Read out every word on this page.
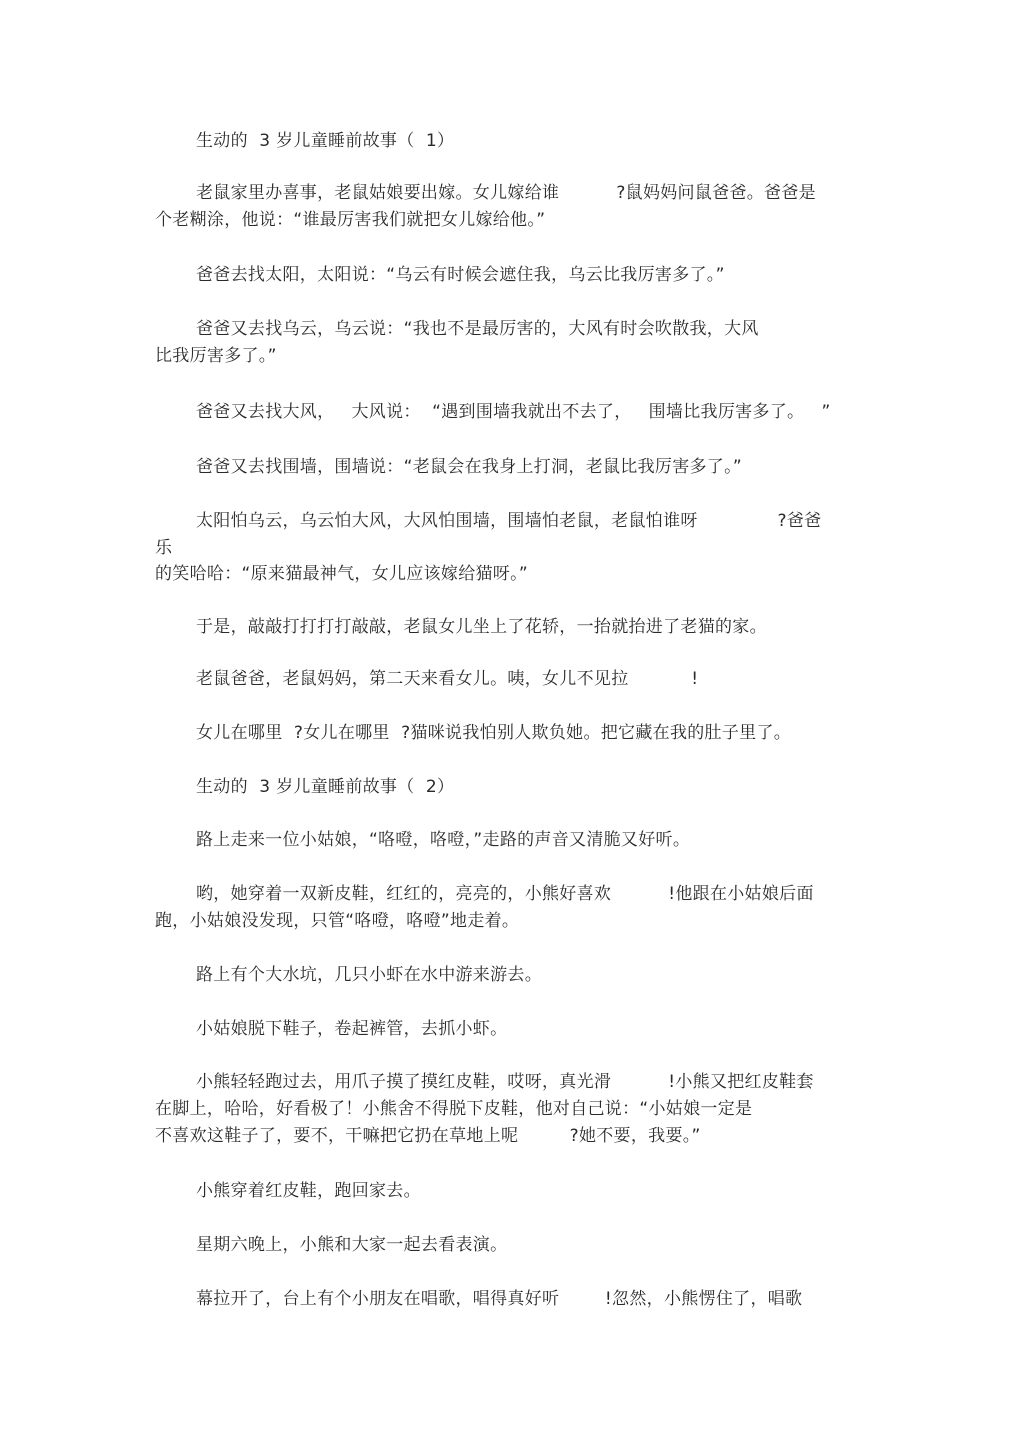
生动的  3 岁儿童睡前故事（  1）
老鼠家里办喜事，老鼠姑娘要出嫁。女儿嫁给谁          ?鼠妈妈问鼠爸爸。爸爸是
个老糊涂，他说：“谁最厉害我们就把女儿嫁给他。”
爸爸去找太阳，太阳说：“乌云有时候会遮住我，乌云比我厉害多了。”
爸爸又去找乌云，乌云说：“我也不是最厉害的，大风有时会吹散我，大风
比我厉害多了。”
爸爸又去找大风，   大风说：  “遇到围墙我就出不去了，   围墙比我厉害多了。   ”
爸爸又去找围墙，围墙说：“老鼠会在我身上打洞，老鼠比我厉害多了。”
太阳怕乌云，乌云怕大风，大风怕围墙，围墙怕老鼠，老鼠怕谁呀              ?爸爸
乐
的笑哈哈：“原来猫最神气，女儿应该嫁给猫呀。”
于是，敲敲打打打打敲敲，老鼠女儿坐上了花轿，一抬就抬进了老猫的家。
老鼠爸爸，老鼠妈妈，第二天来看女儿。咦，女儿不见拉           !
女儿在哪里  ?女儿在哪里  ?猫咪说我怕别人欺负她。把它藏在我的肚子里了。
生动的  3 岁儿童睡前故事（  2）
路上走来一位小姑娘，“咯噔，咯噔，”走路的声音又清脆又好听。
哟，她穿着一双新皮鞋，红红的，亮亮的，小熊好喜欢          !他跟在小姑娘后面
跑，小姑娘没发现，只管“咯噔，咯噔”地走着。
路上有个大水坑，几只小虾在水中游来游去。
小姑娘脱下鞋子，卷起裤管，去抓小虾。
小熊轻轻跑过去，用爪子摸了摸红皮鞋，哎呀，真光滑          !小熊又把红皮鞋套
在脚上，哈哈，好看极了！小熊舍不得脱下皮鞋，他对自己说：“小姑娘一定是
不喜欢这鞋子了，要不，干嘛把它扔在草地上呢         ?她不要，我要。”
小熊穿着红皮鞋，跑回家去。
星期六晚上，小熊和大家一起去看表演。
幕拉开了，台上有个小朋友在唱歌，唱得真好听        !忽然，小熊愣住了，唱歌
